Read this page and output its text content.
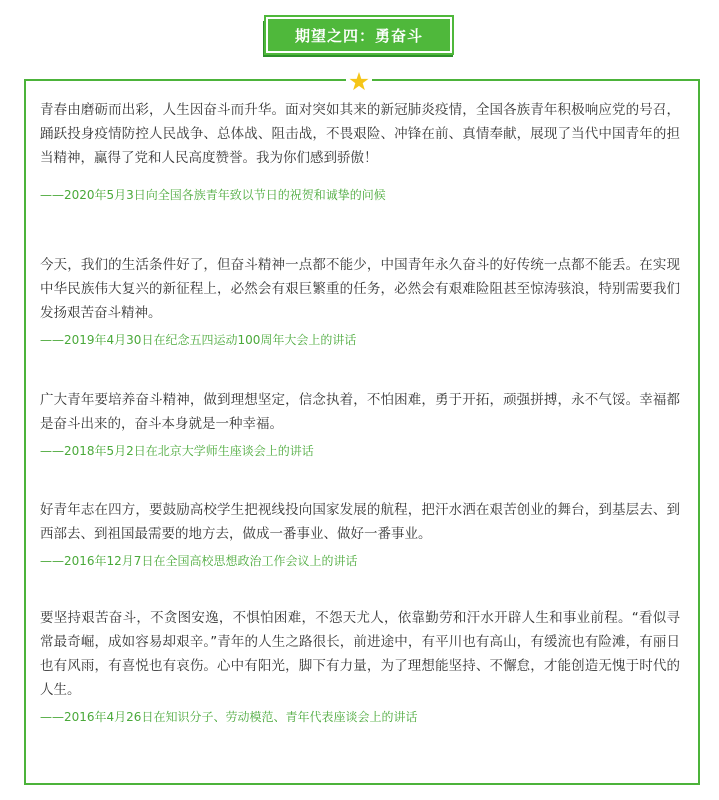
期望之四：勇奋斗

青春由磨砺而出彩，人生因奋斗而升华。面对突如其来的新冠肺炎疫情，全国各族青年积极响应党的号召，踊跃投身疫情防控人民战争、总体战、阻击战，不畏艰险、冲锋在前、真情奉献，展现了当代中国青年的担当精神，赢得了党和人民高度赞誉。我为你们感到骄傲！

——2020年5月3日向全国各族青年致以节日的祝贺和诚挚的问候

今天，我们的生活条件好了，但奋斗精神一点都不能少，中国青年永久奋斗的好传统一点都不能丢。在实现中华民族伟大复兴的新征程上，必然会有艰巨繁重的任务，必然会有艰难险阻甚至惊涛骇浪，特别需要我们发扬艰苦奋斗精神。

——2019年4月30日在纪念五四运动100周年大会上的讲话

广大青年要培养奋斗精神，做到理想坚定，信念执着，不怕困难，勇于开拓，顽强拼搏，永不气馁。幸福都是奋斗出来的，奋斗本身就是一种幸福。

——2018年5月2日在北京大学师生座谈会上的讲话

好青年志在四方，要鼓励高校学生把视线投向国家发展的航程，把汗水洒在艰苦创业的舞台，到基层去、到西部去、到祖国最需要的地方去，做成一番事业、做好一番事业。

——2016年12月7日在全国高校思想政治工作会议上的讲话

要坚持艰苦奋斗，不贪图安逸，不惧怕困难，不怨天尤人，依靠勤劳和汗水开辟人生和事业前程。“看似寻常最奇崛，成如容易却艰辛。”青年的人生之路很长，前进途中，有平川也有高山，有缓流也有险滩，有丽日也有风雨，有喜悦也有哀伤。心中有阳光，脚下有力量，为了理想能坚持、不懈怠，才能创造无愧于时代的人生。

——2016年4月26日在知识分子、劳动模范、青年代表座谈会上的讲话
